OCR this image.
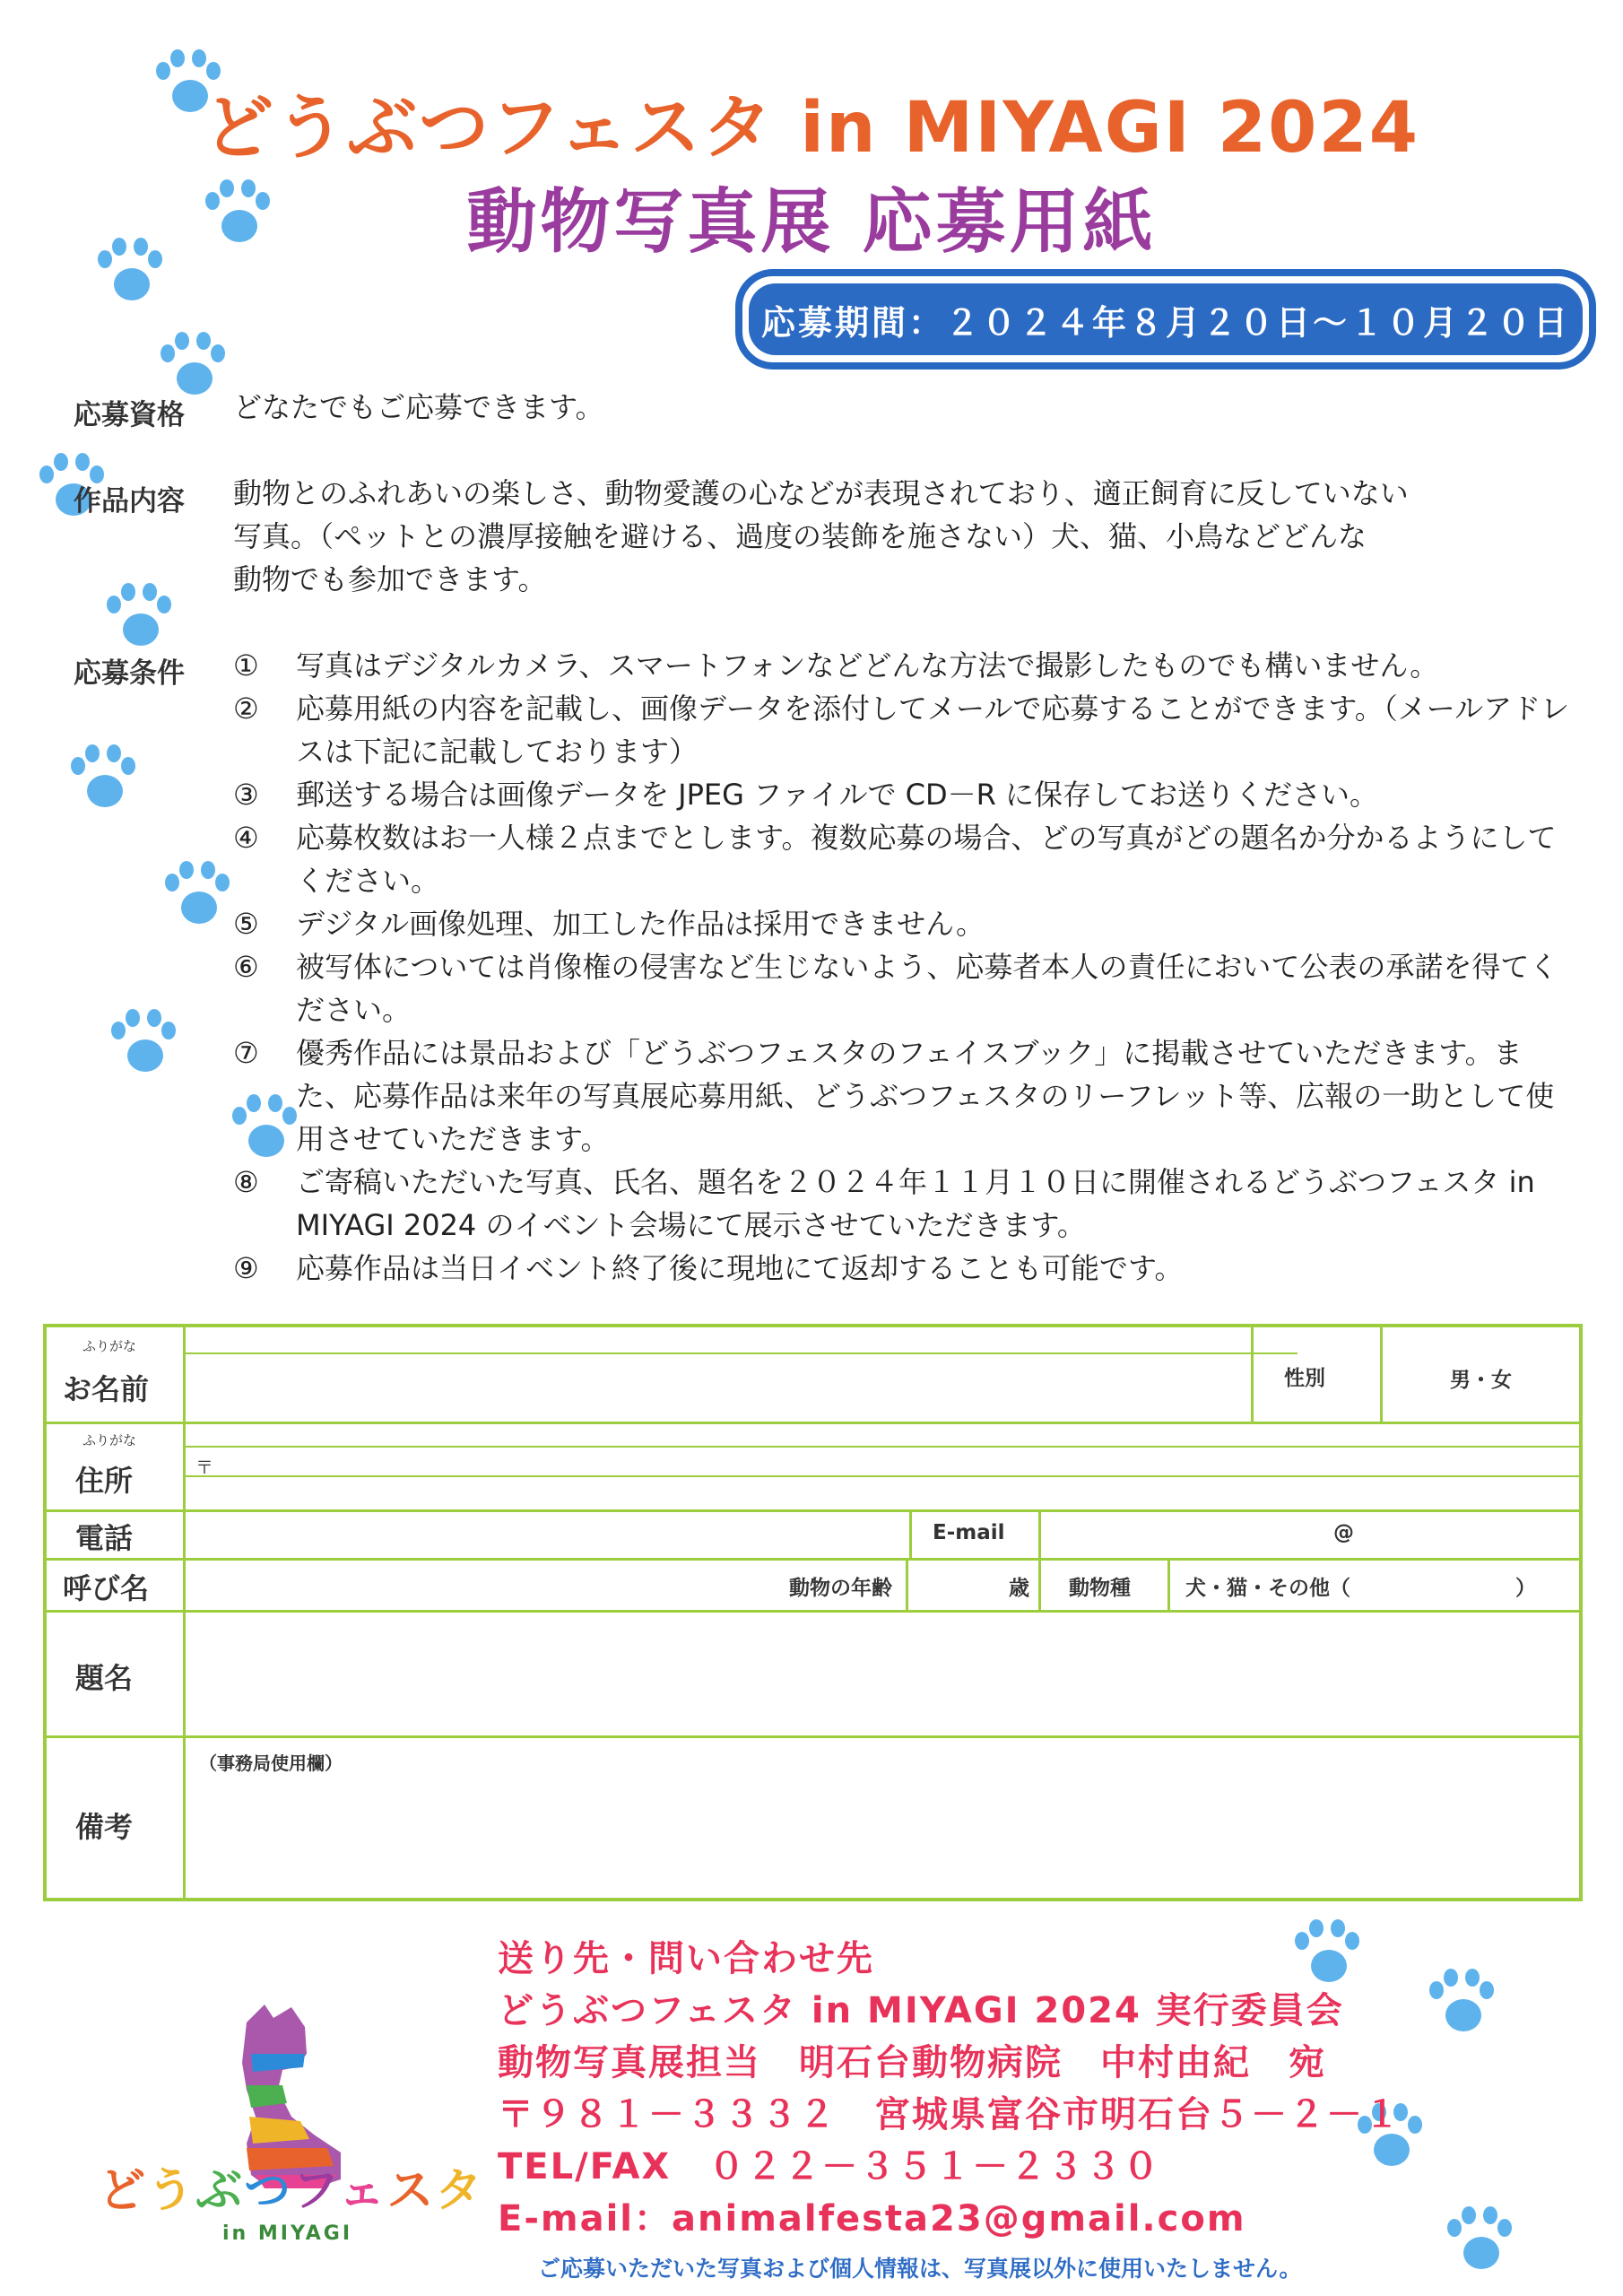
どうぶつフェスタ in MIYAGI 2024
動物写真展 応募用紙
応募期間：２０２４年８月２０日～１０月２０日
応募資格 どなたでもご応募できます。
作品内容 動物とのふれあいの楽しさ、動物愛護の心などが表現されており、適正飼育に反していない
写真。（ペットとの濃厚接触を避ける、過度の装飾を施さない）犬、猫、小鳥などどんな
動物でも参加できます。
応募条件 ①	写真はデジタルカメラ、スマートフォンなどどんな方法で撮影したものでも構いません。
②	応募用紙の内容を記載し、画像データを添付してメールで応募することができます。（メールアドレスは下記に記載しております）
③	郵送する場合は画像データを JPEG ファイルで CD－R に保存してお送りください。
④	応募枚数はお一人様２点までとします。複数応募の場合、どの写真がどの題名か分かるようにしてください。
⑤	デジタル画像処理、加工した作品は採用できません。
⑥	被写体については肖像権の侵害など生じないよう、応募者本人の責任において公表の承諾を得てください。
⑦	優秀作品には景品および「どうぶつフェスタのフェイスブック」に掲載させていただきます。また、応募作品は来年の写真展応募用紙、どうぶつフェスタのリーフレット等、広報の一助として使用させていただきます。
⑧	ご寄稿いただいた写真、氏名、題名を２０２４年１１月１０日に開催されるどうぶつフェスタ in MIYAGI 2024 のイベント会場にて展示させていただきます。
⑨	応募作品は当日イベント終了後に現地にて返却することも可能です。
ふりがな
お名前	性別	男・女
ふりがな
住所	〒
電話	E-mail	@
呼び名	動物の年齢	歳 動物種	犬・猫・その他（　　　　　　　　）
題名
備考
（事務局使用欄）
どうぶつフェスタ
in MIYAGI
送り先・問い合わせ先
どうぶつフェスタ in MIYAGI 2024 実行委員会
動物写真展担当　明石台動物病院　中村由紀　宛
〒９８１－３３３２　宮城県富谷市明石台５－２－１
TEL/FAX　０２２－３５１－２３３０
E-mail：animalfesta23@gmail.com
ご応募いただいた写真および個人情報は、写真展以外に使用いたしません。
